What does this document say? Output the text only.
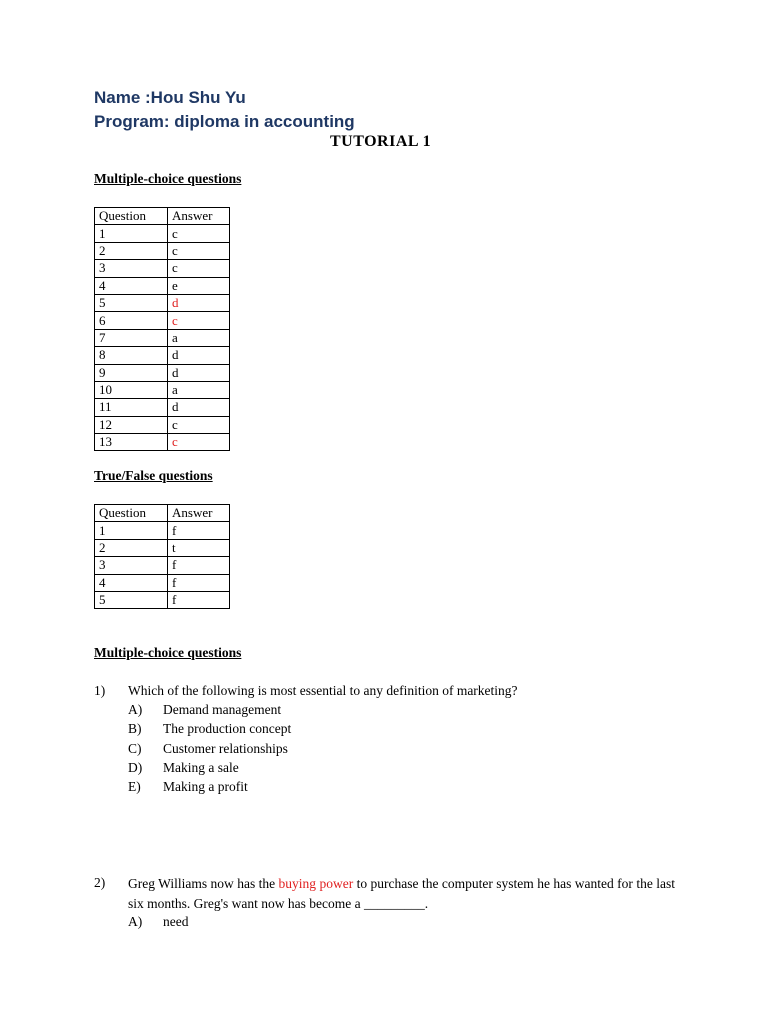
Name :Hou Shu Yu
Program: diploma in accounting
TUTORIAL 1
Multiple-choice questions
Question	Answer
1	c
2	c
3	c
4	e
5	d
6	c
7	a
8	d
9	d
10	a
11	d
12	c
13	c
True/False questions
Question	Answer
1	f
2	t
3	f
4	f
5	f
Multiple-choice questions
1) Which of the following is most essential to any definition of marketing?
A) Demand management
B) The production concept
C) Customer relationships
D) Making a sale
E) Making a profit
2) Greg Williams now has the buying power to purchase the computer system he has wanted for the last six months. Greg's want now has become a _________.
A) need
